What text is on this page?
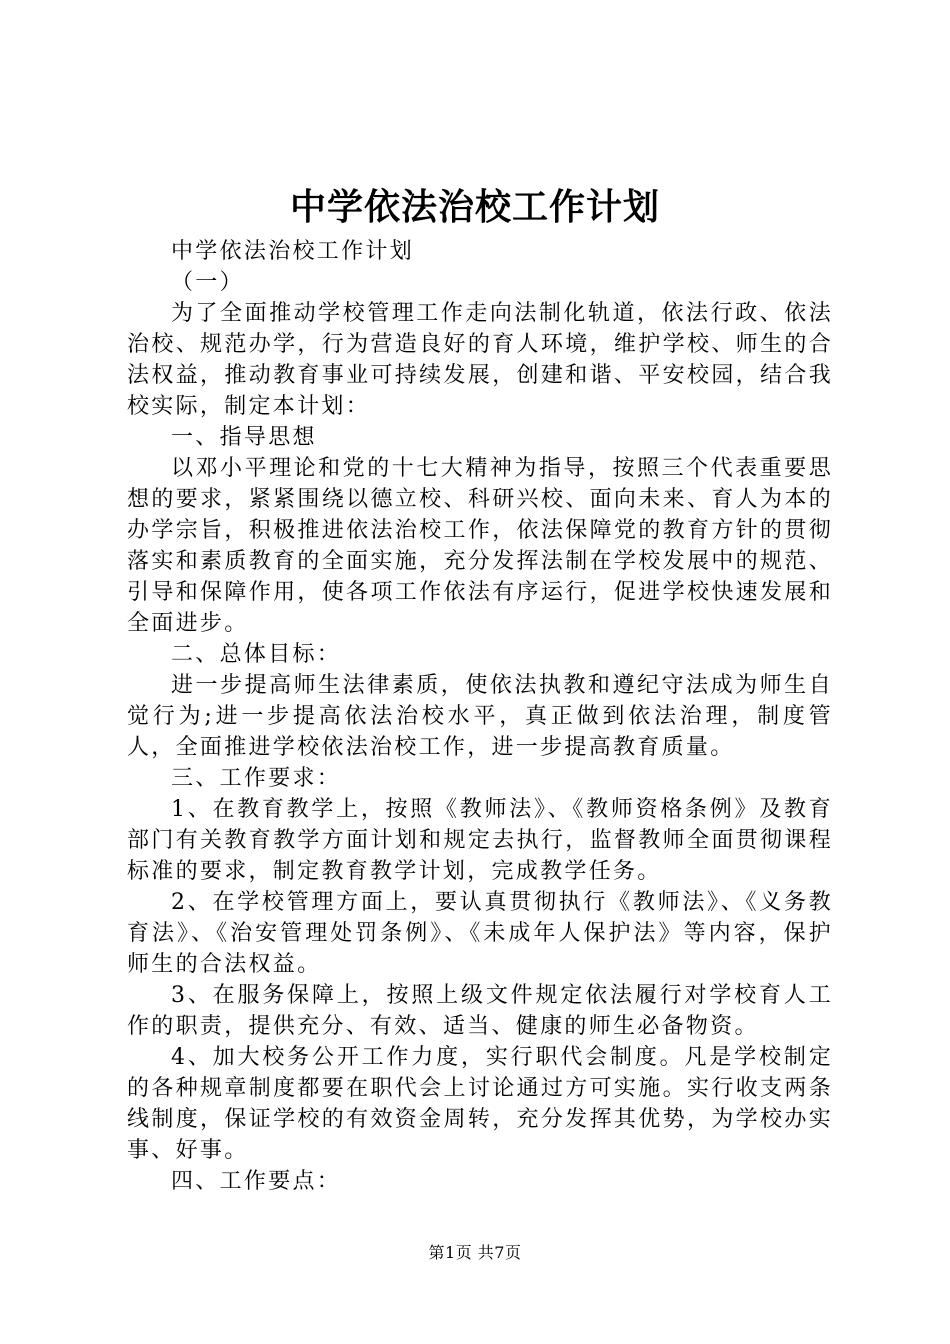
中学依法治校工作计划

中学依法治校工作计划

（一）

为了全面推动学校管理工作走向法制化轨道，依法行政、依法治校、规范办学，行为营造良好的育人环境，维护学校、师生的合法权益，推动教育事业可持续发展，创建和谐、平安校园，结合我校实际，制定本计划：

一、指导思想

以邓小平理论和党的十七大精神为指导，按照三个代表重要思想的要求，紧紧围绕以德立校、科研兴校、面向未来、育人为本的办学宗旨，积极推进依法治校工作，依法保障党的教育方针的贯彻落实和素质教育的全面实施，充分发挥法制在学校发展中的规范、引导和保障作用，使各项工作依法有序运行，促进学校快速发展和全面进步。

二、总体目标：

进一步提高师生法律素质，使依法执教和遵纪守法成为师生自觉行为;进一步提高依法治校水平，真正做到依法治理，制度管人，全面推进学校依法治校工作，进一步提高教育质量。

三、工作要求：

1、在教育教学上，按照《教师法》、《教师资格条例》及教育部门有关教育教学方面计划和规定去执行，监督教师全面贯彻课程标准的要求，制定教育教学计划，完成教学任务。

2、在学校管理方面上，要认真贯彻执行《教师法》、《义务教育法》、《治安管理处罚条例》、《未成年人保护法》等内容，保护师生的合法权益。

3、在服务保障上，按照上级文件规定依法履行对学校育人工作的职责，提供充分、有效、适当、健康的师生必备物资。

4、加大校务公开工作力度，实行职代会制度。凡是学校制定的各种规章制度都要在职代会上讨论通过方可实施。实行收支两条线制度，保证学校的有效资金周转，充分发挥其优势，为学校办实事、好事。

四、工作要点：

第1页 共7页
